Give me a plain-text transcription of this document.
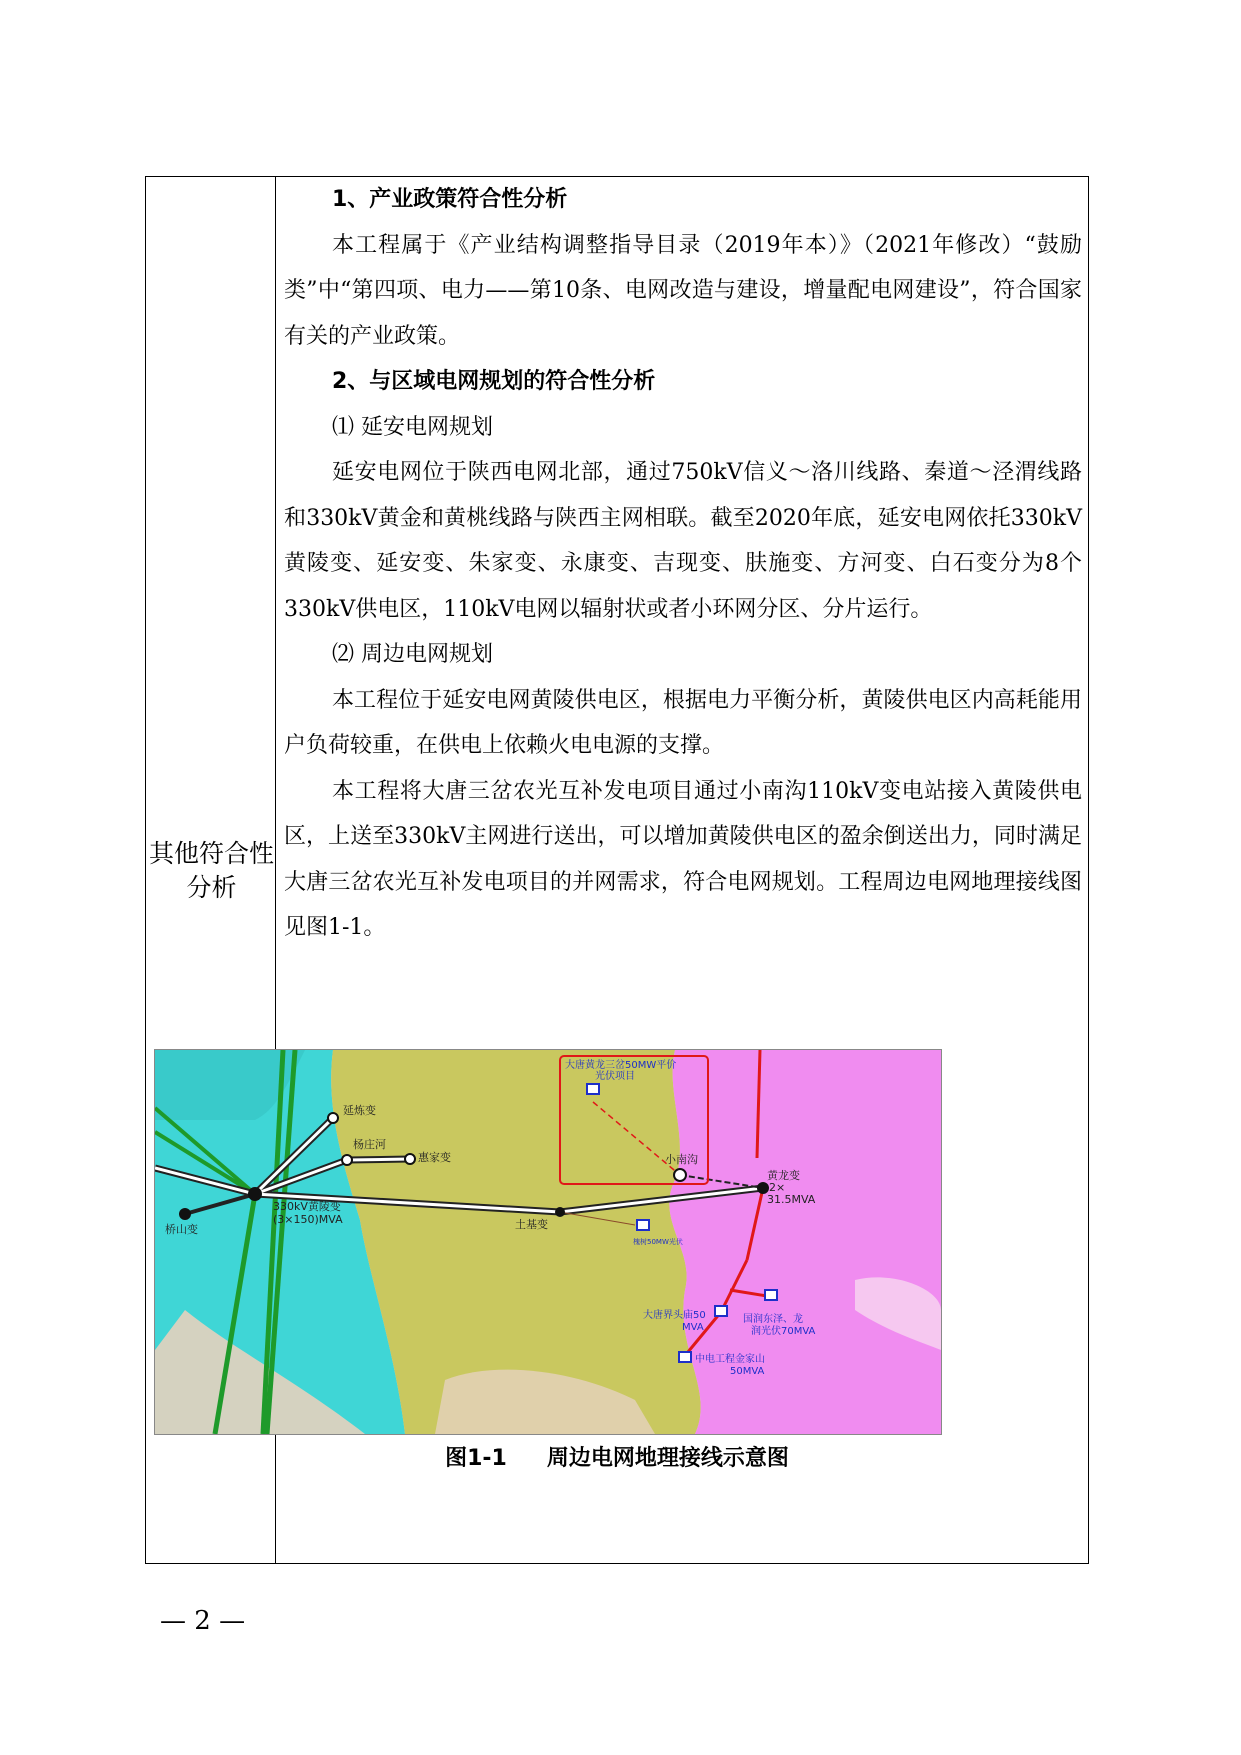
其他符合性分析

1、产业政策符合性分析

本工程属于《产业结构调整指导目录（2019年本）》（2021年修改）“鼓励类”中“第四项、电力——第10条、电网改造与建设，增量配电网建设”，符合国家有关的产业政策。

2、与区域电网规划的符合性分析

⑴ 延安电网规划

延安电网位于陕西电网北部，通过750kV信义～洛川线路、秦道～泾渭线路和330kV黄金和黄桃线路与陕西主网相联。截至2020年底，延安电网依托330kV黄陵变、延安变、朱家变、永康变、吉现变、肤施变、方河变、白石变分为8个330kV供电区，110kV电网以辐射状或者小环网分区、分片运行。

⑵ 周边电网规划

本工程位于延安电网黄陵供电区，根据电力平衡分析，黄陵供电区内高耗能用户负荷较重，在供电上依赖火电电源的支撑。

本工程将大唐三岔农光互补发电项目通过小南沟110kV变电站接入黄陵供电区，上送至330kV主网进行送出，可以增加黄陵供电区的盈余倒送出力，同时满足大唐三岔农光互补发电项目的并网需求，符合电网规划。工程周边电网地理接线图见图1-1。

延炼变
杨庄河
惠家变
330kV黄陵变
(3×150)MVA
桥山变	土基变
小南沟
黄龙变
2×
31.5MVA
大唐黄龙三岔50MW平价
光伏项目
槐树50MW光伏
大唐界头庙50
MVA
国润东泽、龙
润光伏70MVA
中电工程金家山
50MVA
图1-1 周边电网地理接线示意图
— 2 —
